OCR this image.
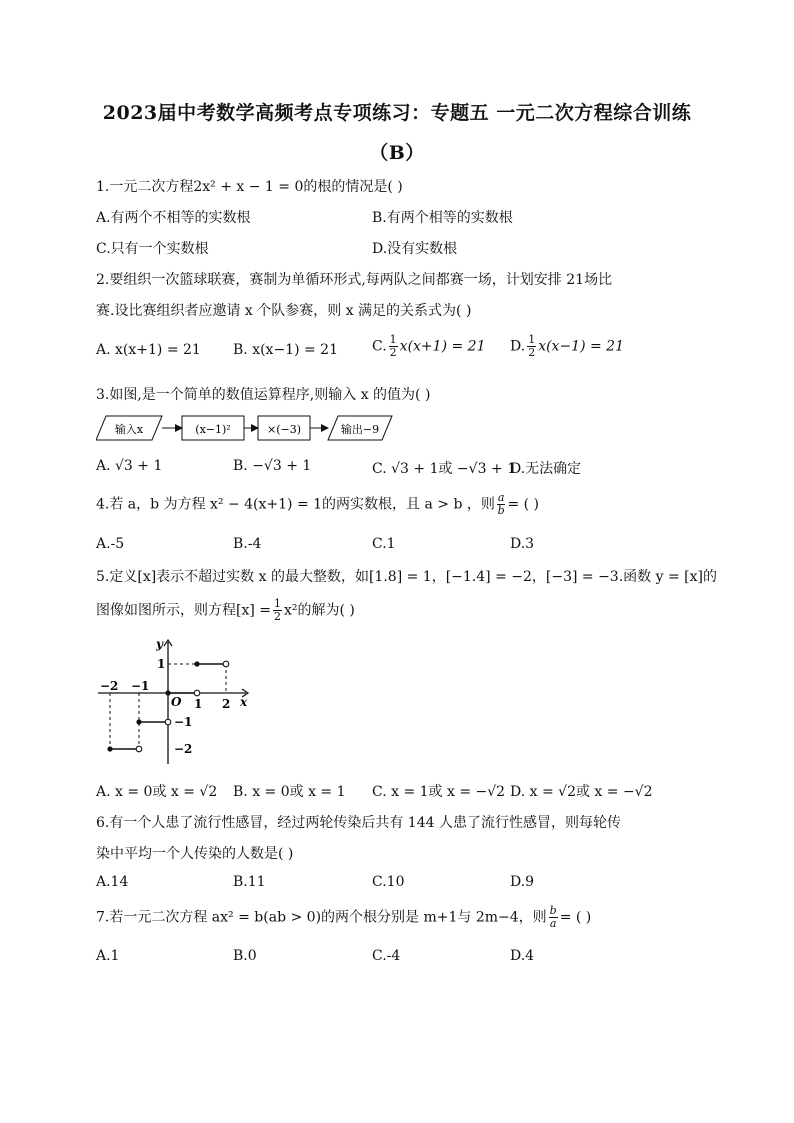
2023届中考数学高频考点专项练习：专题五 一元二次方程综合训练
（B）
1.一元二次方程2x² + x − 1 = 0的根的情况是( )
A.有两个不相等的实数根	B.有两个相等的实数根
C.只有一个实数根	D.没有实数根
2.要组织一次篮球联赛，赛制为单循环形式,每两队之间都赛一场，计划安排 21场比
赛.设比赛组织者应邀请 x 个队参赛，则 x 满足的关系式为( )
A. x(x+1) = 21 B. x(x−1) = 21 C. $\frac{1}{2} x(x+1) = 21$ D. $\frac{1}{2} x(x-1) = 21$
3.如图,是一个简单的数值运算程序,则输入 x 的值为( )
输入x	(x−1)²	×(−3)	输出−9
A. √3 + 1	B. −√3 + 1	C. √3 + 1或 −√3 + 1
D.无法确定
4.若 a，b 为方程 x² − 4(x+1) = 1的两实数根，且 a > b ，则 $\frac{a}{b}$ = ( )
A.-5	B.-4	C.1	D.3
5.定义[x]表示不超过实数 x 的最大整数，如[1.8] = 1，[−1.4] = −2，[−3] = −3.函数 y = [x]的
图像如图所示，则方程$[x] = \frac{1}{2} x^2$的解为( )
x
y
O
−2 −1
1 2
1
−1
−2
A. x = 0或 x = √2 B. x = 0或 x = 1 C. x = 1或 x = −√2 D. x = √2或 x = −√2
6.有一个人患了流行性感冒，经过两轮传染后共有 144 人患了流行性感冒，则每轮传
染中平均一个人传染的人数是( )
A.14	B.11	C.10	D.9
7.若一元二次方程 ax² = b(ab > 0)的两个根分别是 m+1与 2m−4，则 $\frac{b}{a}$ = ( )
A.1	B.0	C.-4	D.4
